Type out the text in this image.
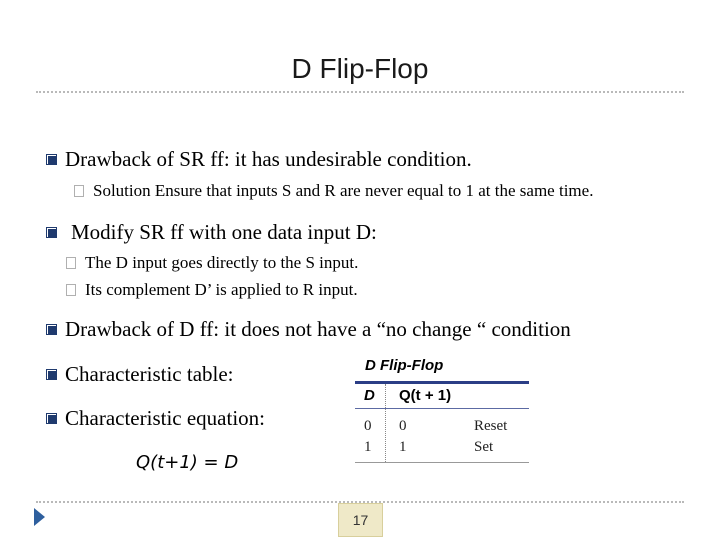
D Flip-Flop
Drawback of SR ff: it has undesirable condition.
Solution Ensure that inputs S and R are never equal to 1 at the same time.
Modify SR ff with one data input D:
The D input goes directly to the S input.
Its complement D’ is applied to R input.
Drawback of D ff: it does not have a “no change “ condition
Characteristic table:
Characteristic equation:
Q(t+1) = D
D Flip-Flop
D Q(t + 1)
0 0	Reset
1 1	Set
17
